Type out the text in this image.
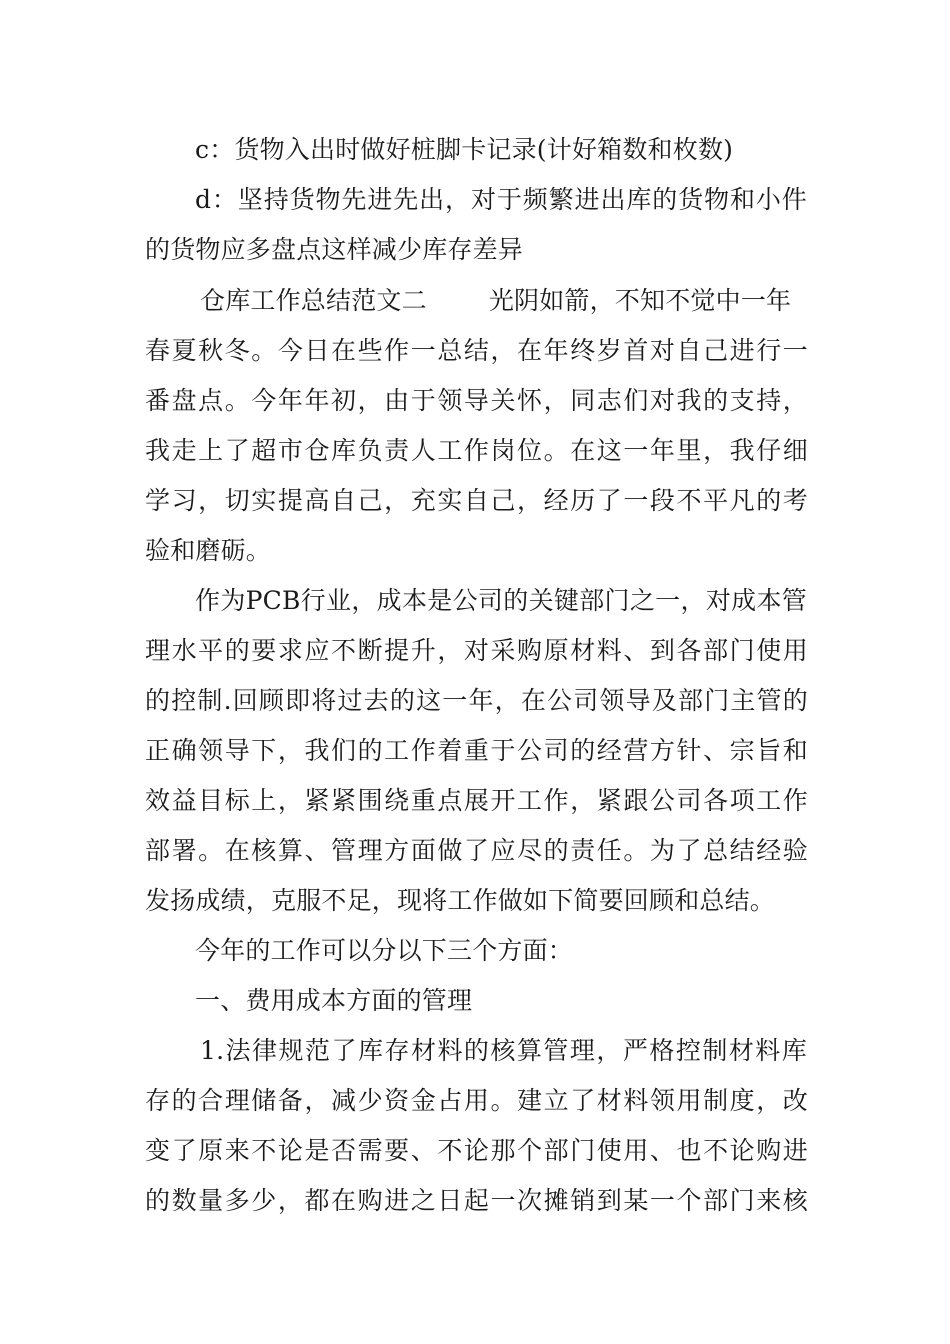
c：货物入出时做好桩脚卡记录(计好箱数和枚数)
d：坚持货物先进先出，对于频繁进出库的货物和小件
的货物应多盘点这样减少库存差异
仓库工作总结范文二 光阴如箭，不知不觉中一年
春夏秋冬。今日在些作一总结，在年终岁首对自己进行一
番盘点。今年年初，由于领导关怀，同志们对我的支持，
我走上了超市仓库负责人工作岗位。在这一年里，我仔细
学习，切实提高自己，充实自己，经历了一段不平凡的考
验和磨砺。
作为PCB行业，成本是公司的关键部门之一，对成本管
理水平的要求应不断提升，对采购原材料、到各部门使用
的控制.回顾即将过去的这一年，在公司领导及部门主管的
正确领导下，我们的工作着重于公司的经营方针、宗旨和
效益目标上，紧紧围绕重点展开工作，紧跟公司各项工作
部署。在核算、管理方面做了应尽的责任。为了总结经验
发扬成绩，克服不足，现将工作做如下简要回顾和总结。
今年的工作可以分以下三个方面：
一、费用成本方面的管理
1.法律规范了库存材料的核算管理，严格控制材料库
存的合理储备，减少资金占用。建立了材料领用制度，改
变了原来不论是否需要、不论那个部门使用、也不论购进
的数量多少，都在购进之日起一次摊销到某一个部门来核
